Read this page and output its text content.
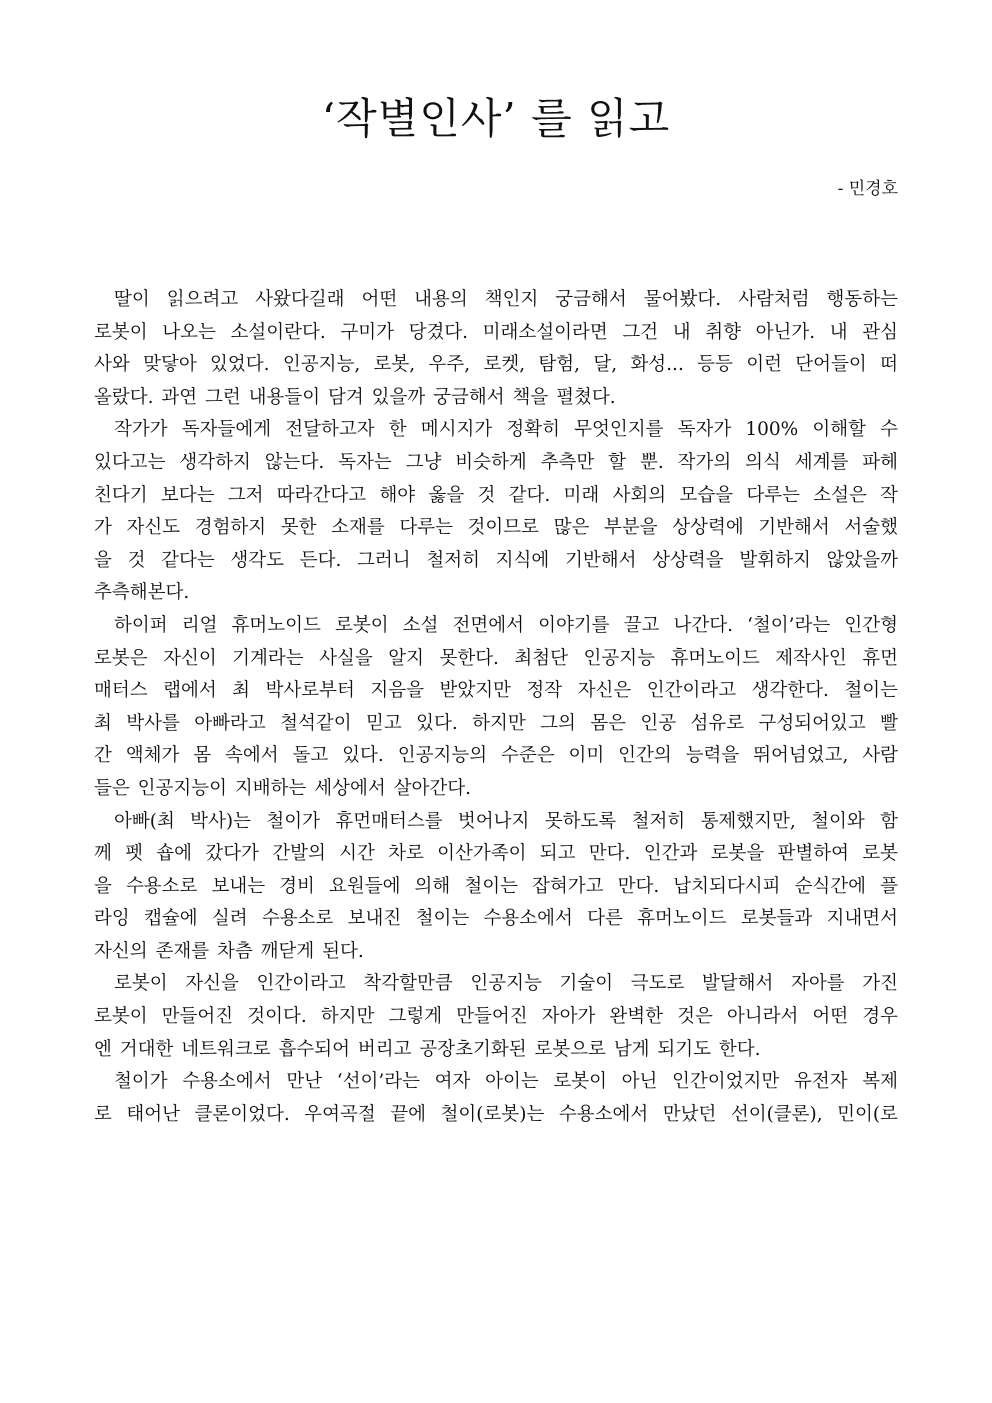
‘작별인사’ 를 읽고

- 민경호

딸이 읽으려고 사왔다길래 어떤 내용의 책인지 궁금해서 물어봤다. 사람처럼 행동하는
로봇이 나오는 소설이란다. 구미가 당겼다. 미래소설이라면 그건 내 취향 아닌가. 내 관심
사와 맞닿아 있었다. 인공지능, 로봇, 우주, 로켓, 탐험, 달, 화성... 등등 이런 단어들이 떠
올랐다. 과연 그런 내용들이 담겨 있을까 궁금해서 책을 펼쳤다.
작가가 독자들에게 전달하고자 한 메시지가 정확히 무엇인지를 독자가 100% 이해할 수
있다고는 생각하지 않는다. 독자는 그냥 비슷하게 추측만 할 뿐. 작가의 의식 세계를 파헤
친다기 보다는 그저 따라간다고 해야 옳을 것 같다. 미래 사회의 모습을 다루는 소설은 작
가 자신도 경험하지 못한 소재를 다루는 것이므로 많은 부분을 상상력에 기반해서 서술했
을 것 같다는 생각도 든다. 그러니 철저히 지식에 기반해서 상상력을 발휘하지 않았을까
추측해본다.
하이퍼 리얼 휴머노이드 로봇이 소설 전면에서 이야기를 끌고 나간다. ‘철이’라는 인간형
로봇은 자신이 기계라는 사실을 알지 못한다. 최첨단 인공지능 휴머노이드 제작사인 휴먼
매터스 랩에서 최 박사로부터 지음을 받았지만 정작 자신은 인간이라고 생각한다. 철이는
최 박사를 아빠라고 철석같이 믿고 있다. 하지만 그의 몸은 인공 섬유로 구성되어있고 빨
간 액체가 몸 속에서 돌고 있다. 인공지능의 수준은 이미 인간의 능력을 뛰어넘었고, 사람
들은 인공지능이 지배하는 세상에서 살아간다.
아빠(최 박사)는 철이가 휴먼매터스를 벗어나지 못하도록 철저히 통제했지만, 철이와 함
께 펫 숍에 갔다가 간발의 시간 차로 이산가족이 되고 만다. 인간과 로봇을 판별하여 로봇
을 수용소로 보내는 경비 요원들에 의해 철이는 잡혀가고 만다. 납치되다시피 순식간에 플
라잉 캡슐에 실려 수용소로 보내진 철이는 수용소에서 다른 휴머노이드 로봇들과 지내면서
자신의 존재를 차츰 깨닫게 된다.
로봇이 자신을 인간이라고 착각할만큼 인공지능 기술이 극도로 발달해서 자아를 가진
로봇이 만들어진 것이다. 하지만 그렇게 만들어진 자아가 완벽한 것은 아니라서 어떤 경우
엔 거대한 네트워크로 흡수되어 버리고 공장초기화된 로봇으로 남게 되기도 한다.
철이가 수용소에서 만난 ‘선이’라는 여자 아이는 로봇이 아닌 인간이었지만 유전자 복제
로 태어난 클론이었다. 우여곡절 끝에 철이(로봇)는 수용소에서 만났던 선이(클론), 민이(로
